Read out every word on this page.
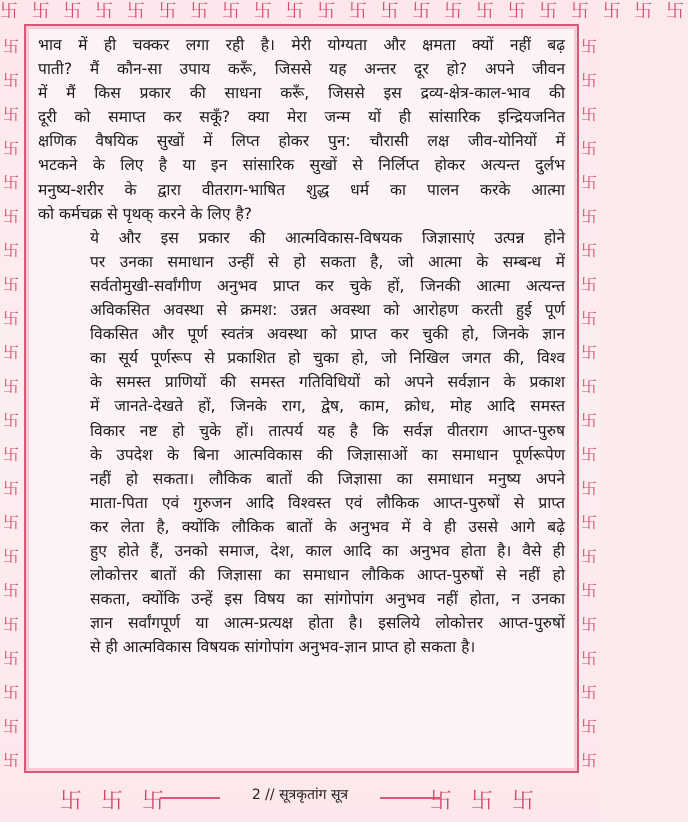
卐 卐 卐 卐 卐 卐 卐 卐 卐 卐 卐 卐 卐 卐 卐 卐 卐 卐 卐 卐 卐 卐
卐
卐
卐
卐
卐
卐
卐
卐
卐
卐
卐
卐
卐
卐
卐
卐
卐
卐
卐
卐
卐
卐
卐
卐
卐
卐
卐
卐
卐
卐
卐
卐
卐
卐
卐
卐
卐
卐
卐
卐
卐
卐
卐
卐

भाव में ही चक्कर लगा रही है। मेरी योग्यता और क्षमता क्यों नहीं बढ़
पाती? मैं कौन-सा उपाय करूँ, जिससे यह अन्तर दूर हो? अपने जीवन
में मैं किस प्रकार की साधना करूँ, जिससे इस द्रव्य-क्षेत्र-काल-भाव की
दूरी को समाप्त कर सकूँ? क्या मेरा जन्म यों ही सांसारिक इन्द्रियजनित
क्षणिक वैषयिक सुखों में लिप्त होकर पुन: चौरासी लक्ष जीव-योनियों में
भटकने के लिए है या इन सांसारिक सुखों से निर्लिप्त होकर अत्यन्त दुर्लभ
मनुष्य-शरीर के द्वारा वीतराग-भाषित शुद्ध धर्म का पालन करके आत्मा
को कर्मचक्र से पृथक् करने के लिए है?

ये और इस प्रकार की आत्मविकास-विषयक जिज्ञासाएं उत्पन्न होने
पर उनका समाधान उन्हीं से हो सकता है, जो आत्मा के सम्बन्ध में
सर्वतोमुखी-सर्वांगीण अनुभव प्राप्त कर चुके हों, जिनकी आत्मा अत्यन्त
अविकसित अवस्था से क्रमश: उन्नत अवस्था को आरोहण करती हुई पूर्ण
विकसित और पूर्ण स्वतंत्र अवस्था को प्राप्त कर चुकी हो, जिनके ज्ञान
का सूर्य पूर्णरूप से प्रकाशित हो चुका हो, जो निखिल जगत की, विश्व
के समस्त प्राणियों की समस्त गतिविधियों को अपने सर्वज्ञान के प्रकाश
में जानते-देखते हों, जिनके राग, द्वेष, काम, क्रोध, मोह आदि समस्त
विकार नष्ट हो चुके हों। तात्पर्य यह है कि सर्वज्ञ वीतराग आप्त-पुरुष
के उपदेश के बिना आत्मविकास की जिज्ञासाओं का समाधान पूर्णरूपेण
नहीं हो सकता। लौकिक बातों की जिज्ञासा का समाधान मनुष्य अपने
माता-पिता एवं गुरुजन आदि विश्वस्त एवं लौकिक आप्त-पुरुषों से प्राप्त
कर लेता है, क्योंकि लौकिक बातों के अनुभव में वे ही उससे आगे बढ़े
हुए होते हैं, उनको समाज, देश, काल आदि का अनुभव होता है। वैसे ही
लोकोत्तर बातों की जिज्ञासा का समाधान लौकिक आप्त-पुरुषों से नहीं हो
सकता, क्योंकि उन्हें इस विषय का सांगोपांग अनुभव नहीं होता, न उनका
ज्ञान सर्वांगपूर्ण या आत्म-प्रत्यक्ष होता है। इसलिये लोकोत्तर आप्त-पुरुषों
से ही आत्मविकास विषयक सांगोपांग अनुभव-ज्ञान प्राप्त हो सकता है।

卐 卐 卐	2 // सूत्रकृतांग सूत्र	卐 卐 卐
